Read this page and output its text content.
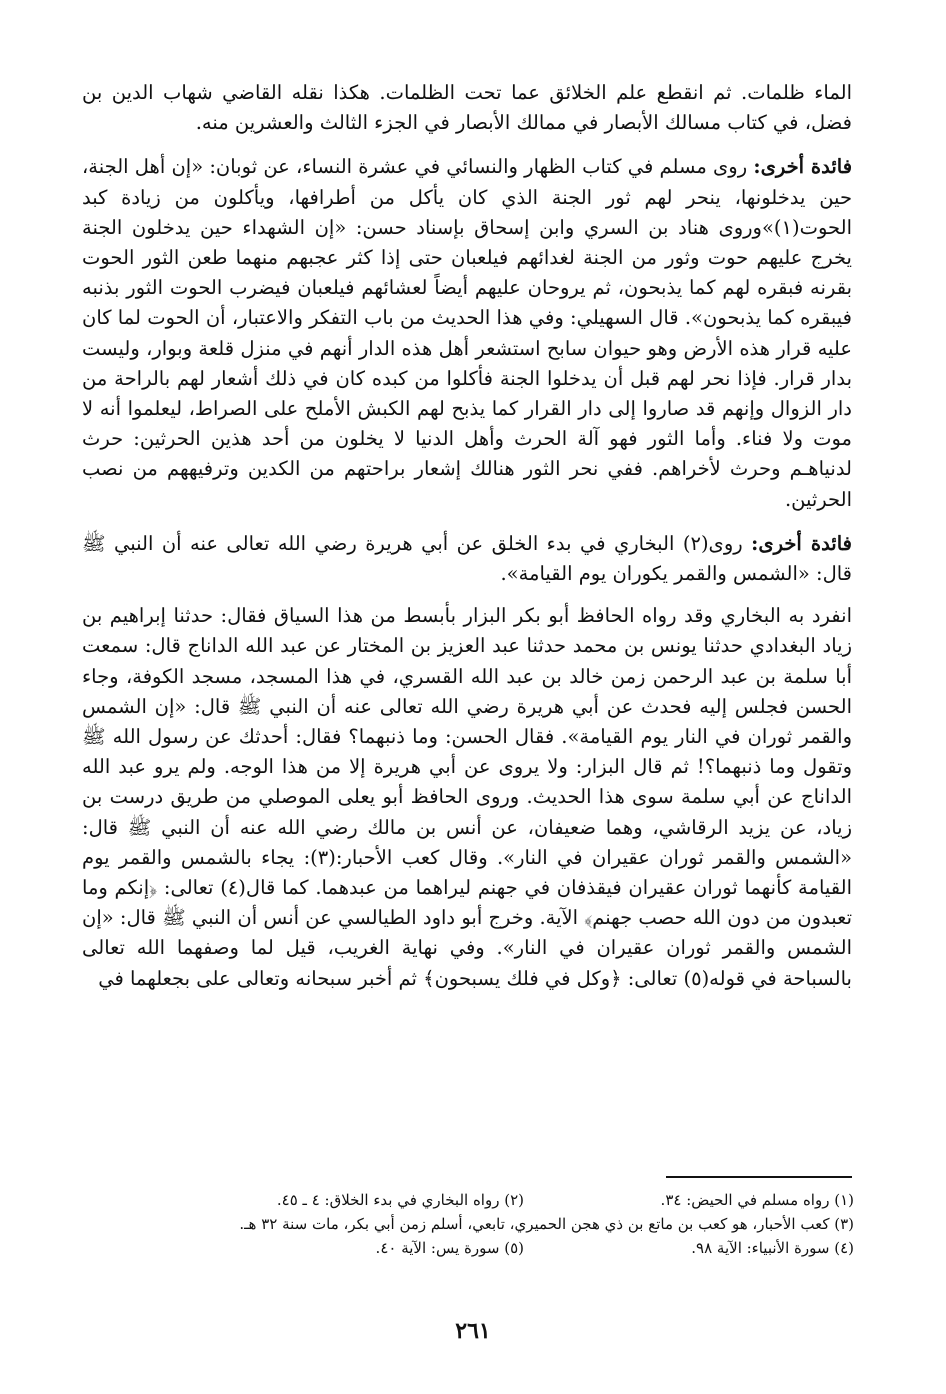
الماء ظلمات. ثم انقطع علم الخلائق عما تحت الظلمات. هكذا نقله القاضي شهاب الدين بن فضل، في كتاب مسالك الأبصار في ممالك الأبصار في الجزء الثالث والعشرين منه.

فائدة أخرى: روى مسلم في كتاب الظهار والنسائي في عشرة النساء، عن ثوبان: «إن أهل الجنة، حين يدخلونها، ينحر لهم ثور الجنة الذي كان يأكل من أطرافها، ويأكلون من زيادة كبد الحوت(١)»وروى هناد بن السري وابن إسحاق بإسناد حسن: «إن الشهداء حين يدخلون الجنة يخرج عليهم حوت وثور من الجنة لغدائهم فيلعبان حتى إذا كثر عجبهم منهما طعن الثور الحوت بقرنه فبقره لهم كما يذبحون، ثم يروحان عليهم أيضاً لعشائهم فيلعبان فيضرب الحوت الثور بذنبه فيبقره كما يذبحون». قال السهيلي: وفي هذا الحديث من باب التفكر والاعتبار، أن الحوت لما كان عليه قرار هذه الأرض وهو حيوان سابح استشعر أهل هذه الدار أنهم في منزل قلعة وبوار، وليست بدار قرار. فإذا نحر لهم قبل أن يدخلوا الجنة فأكلوا من كبده كان في ذلك أشعار لهم بالراحة من دار الزوال وإنهم قد صاروا إلى دار القرار كما يذبح لهم الكبش الأملح على الصراط، ليعلموا أنه لا موت ولا فناء. وأما الثور فهو آلة الحرث وأهل الدنيا لا يخلون من أحد هذين الحرثين: حرث لدنياهـم وحرث لأخراهم. ففي نحر الثور هنالك إشعار براحتهم من الكدين وترفيههم من نصب الحرثين.

فائدة أخرى: روى(٢) البخاري في بدء الخلق عن أبي هريرة رضي الله تعالى عنه أن النبي ﷺ قال: «الشمس والقمر يكوران يوم القيامة».

انفرد به البخاري وقد رواه الحافظ أبو بكر البزار بأبسط من هذا السياق فقال: حدثنا إبراهيم بن زياد البغدادي حدثنا يونس بن محمد حدثنا عبد العزيز بن المختار عن عبد الله الداناج قال: سمعت أبا سلمة بن عبد الرحمن زمن خالد بن عبد الله القسري، في هذا المسجد، مسجد الكوفة، وجاء الحسن فجلس إليه فحدث عن أبي هريرة رضي الله تعالى عنه أن النبي ﷺ قال: «إن الشمس والقمر ثوران في النار يوم القيامة». فقال الحسن: وما ذنبهما؟ فقال: أحدثك عن رسول الله ﷺ وتقول وما ذنبهما؟! ثم قال البزار: ولا يروى عن أبي هريرة إلا من هذا الوجه. ولم يرو عبد الله الداناج عن أبي سلمة سوى هذا الحديث. وروى الحافظ أبو يعلى الموصلي من طريق درست بن زياد، عن يزيد الرقاشي، وهما ضعيفان، عن أنس بن مالك رضي الله عنه أن النبي ﷺ قال: «الشمس والقمر ثوران عقيران في النار». وقال كعب الأحبار:(٣): يجاء بالشمس والقمر يوم القيامة كأنهما ثوران عقيران فيقذفان في جهنم ليراهما من عبدهما. كما قال(٤) تعالى: ﴿إنكم وما تعبدون من دون الله حصب جهنم﴾ الآية. وخرج أبو داود الطيالسي عن أنس أن النبي ﷺ قال: «إن الشمس والقمر ثوران عقيران في النار». وفي نهاية الغريب، قيل لما وصفهما الله تعالى بالسباحة في قوله(٥) تعالى: ﴿وكل في فلك يسبحون﴾ ثم أخبر سبحانه وتعالى على بجعلهما في

(١) رواه مسلم في الحيض: ٣٤.
(٢) رواه البخاري في بدء الخلاق: ٤ ـ ٤٥.
(٣) كعب الأحبار، هو كعب بن ماتع بن ذي هجن الحميري، تابعي، أسلم زمن أبي بكر، مات سنة ٣٢ هـ.
(٤) سورة الأنبياء: الآية ٩٨.
(٥) سورة يس: الآية ٤٠.
٢٦١
